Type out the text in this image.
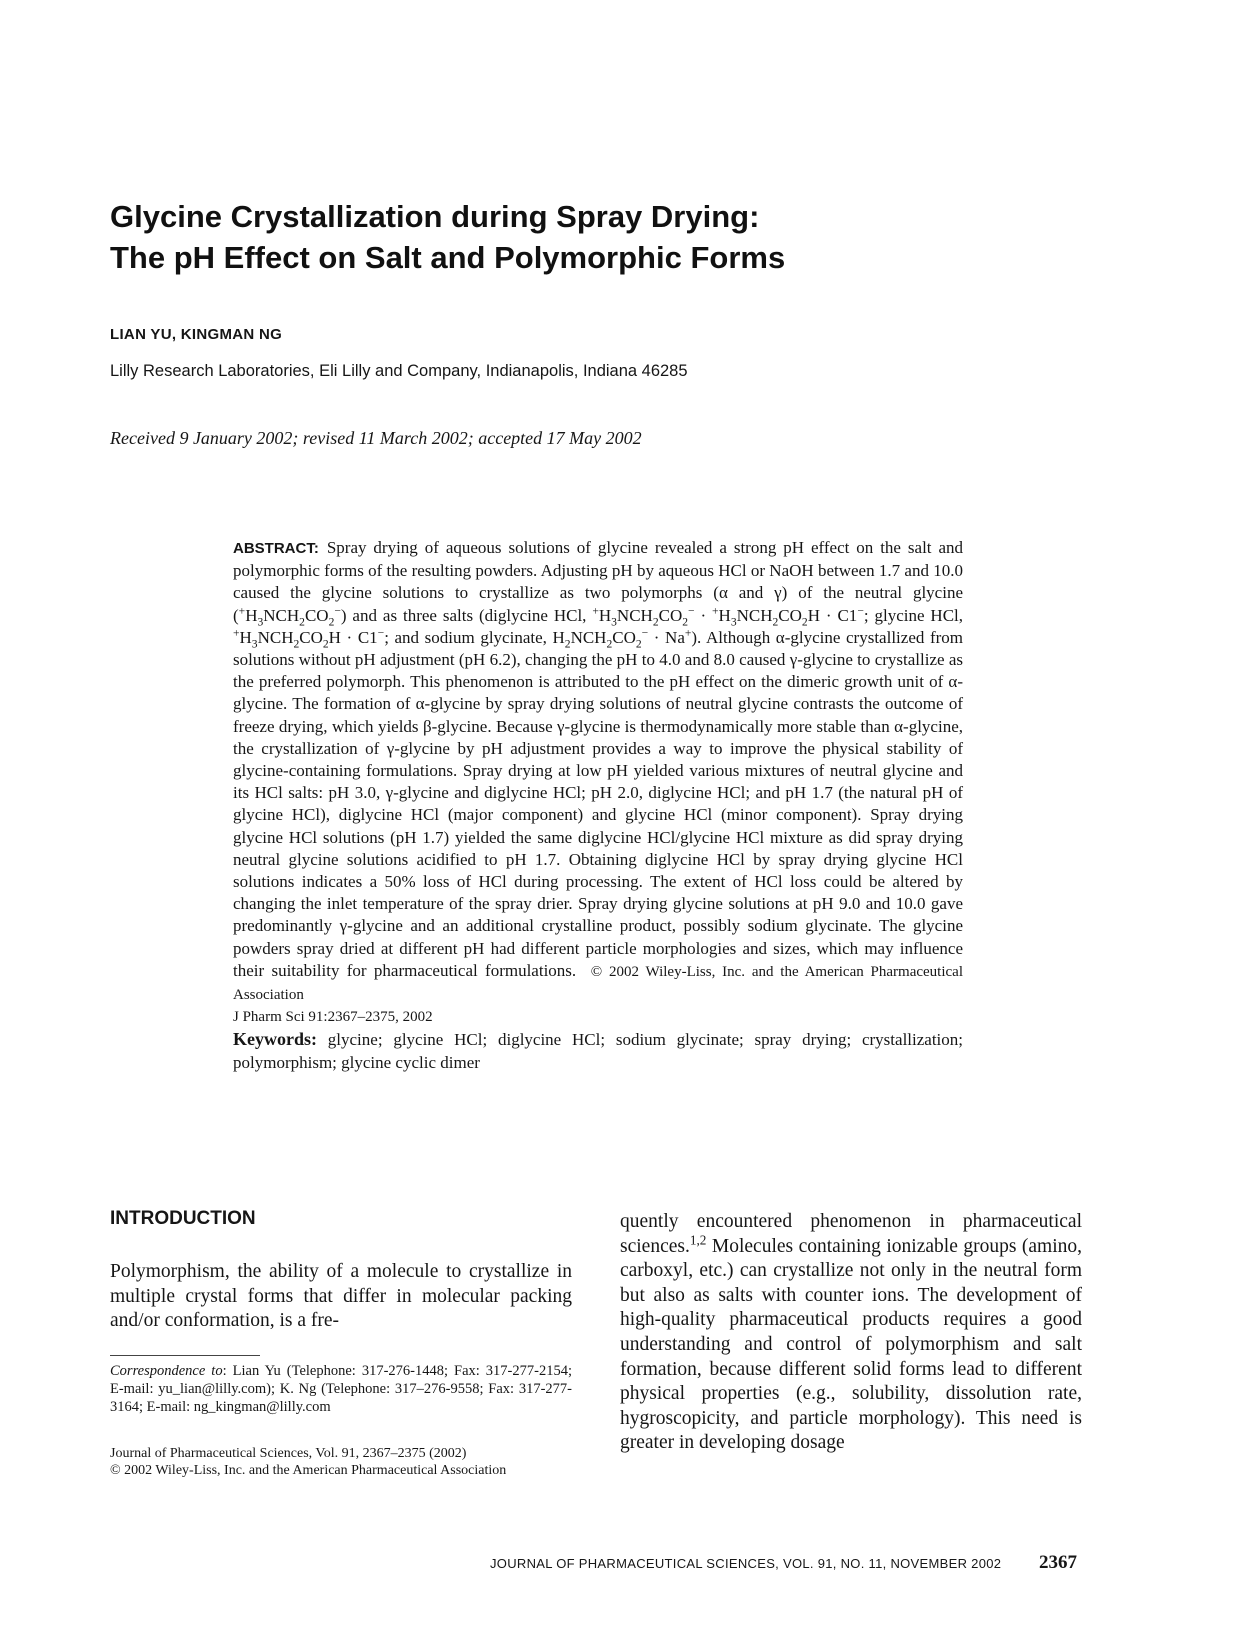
Glycine Crystallization during Spray Drying:
The pH Effect on Salt and Polymorphic Forms
LIAN YU, KINGMAN NG
Lilly Research Laboratories, Eli Lilly and Company, Indianapolis, Indiana 46285
Received 9 January 2002; revised 11 March 2002; accepted 17 May 2002

ABSTRACT: Spray drying of aqueous solutions of glycine revealed a strong pH effect on the salt and polymorphic forms of the resulting powders. Adjusting pH by aqueous HCl or NaOH between 1.7 and 10.0 caused the glycine solutions to crystallize as two polymorphs (α and γ) of the neutral glycine $(^+H_3NCH_2CO_2^-)$ and as three salts (diglycine HCl, $^+H_3NCH_2CO_2^- \cdot ^+H_3NCH_2CO_2H \cdot C1^-$; glycine HCl, $^+H_3NCH_2CO_2H \cdot C1^-$; and sodium glycinate, $H_2NCH_2CO_2^- \cdot Na^+$). Although α-glycine crystallized from solutions without pH adjustment (pH 6.2), changing the pH to 4.0 and 8.0 caused γ-glycine to crystallize as the preferred polymorph. This phenomenon is attributed to the pH effect on the dimeric growth unit of α-glycine. The formation of α-glycine by spray drying solutions of neutral glycine contrasts the outcome of freeze drying, which yields β-glycine. Because γ-glycine is thermodynamically more stable than α-glycine, the crystallization of γ-glycine by pH adjustment provides a way to improve the physical stability of glycine-containing formulations. Spray drying at low pH yielded various mixtures of neutral glycine and its HCl salts: pH 3.0, γ-glycine and diglycine HCl; pH 2.0, diglycine HCl; and pH 1.7 (the natural pH of glycine HCl), diglycine HCl (major component) and glycine HCl (minor component). Spray drying glycine HCl solutions (pH 1.7) yielded the same diglycine HCl/glycine HCl mixture as did spray drying neutral glycine solutions acidified to pH 1.7. Obtaining diglycine HCl by spray drying glycine HCl solutions indicates a 50% loss of HCl during processing. The extent of HCl loss could be altered by changing the inlet temperature of the spray drier. Spray drying glycine solutions at pH 9.0 and 10.0 gave predominantly γ-glycine and an additional crystalline product, possibly sodium glycinate. The glycine powders spray dried at different pH had different particle morphologies and sizes, which may influence their suitability for pharmaceutical formulations. © 2002 Wiley-Liss, Inc. and the American Pharmaceutical Association

J Pharm Sci 91:2367–2375, 2002

Keywords: glycine; glycine HCl; diglycine HCl; sodium glycinate; spray drying; crystallization; polymorphism; glycine cyclic dimer

INTRODUCTION

Polymorphism, the ability of a molecule to crystallize in multiple crystal forms that differ in molecular packing and/or conformation, is a fre-

Correspondence to: Lian Yu (Telephone: 317-276-1448; Fax: 317-277-2154; E-mail: yu_lian@lilly.com); K. Ng (Telephone: 317–276-9558; Fax: 317-277-3164; E-mail: ng_kingman@lilly.com

Journal of Pharmaceutical Sciences, Vol. 91, 2367–2375 (2002)
© 2002 Wiley-Liss, Inc. and the American Pharmaceutical Association

quently encountered phenomenon in pharmaceutical sciences.$^{1,2}$ Molecules containing ionizable groups (amino, carboxyl, etc.) can crystallize not only in the neutral form but also as salts with counter ions. The development of high-quality pharmaceutical products requires a good understanding and control of polymorphism and salt formation, because different solid forms lead to different physical properties (e.g., solubility, dissolution rate, hygroscopicity, and particle morphology). This need is greater in developing dosage

JOURNAL OF PHARMACEUTICAL SCIENCES, VOL. 91, NO. 11, NOVEMBER 2002 2367
